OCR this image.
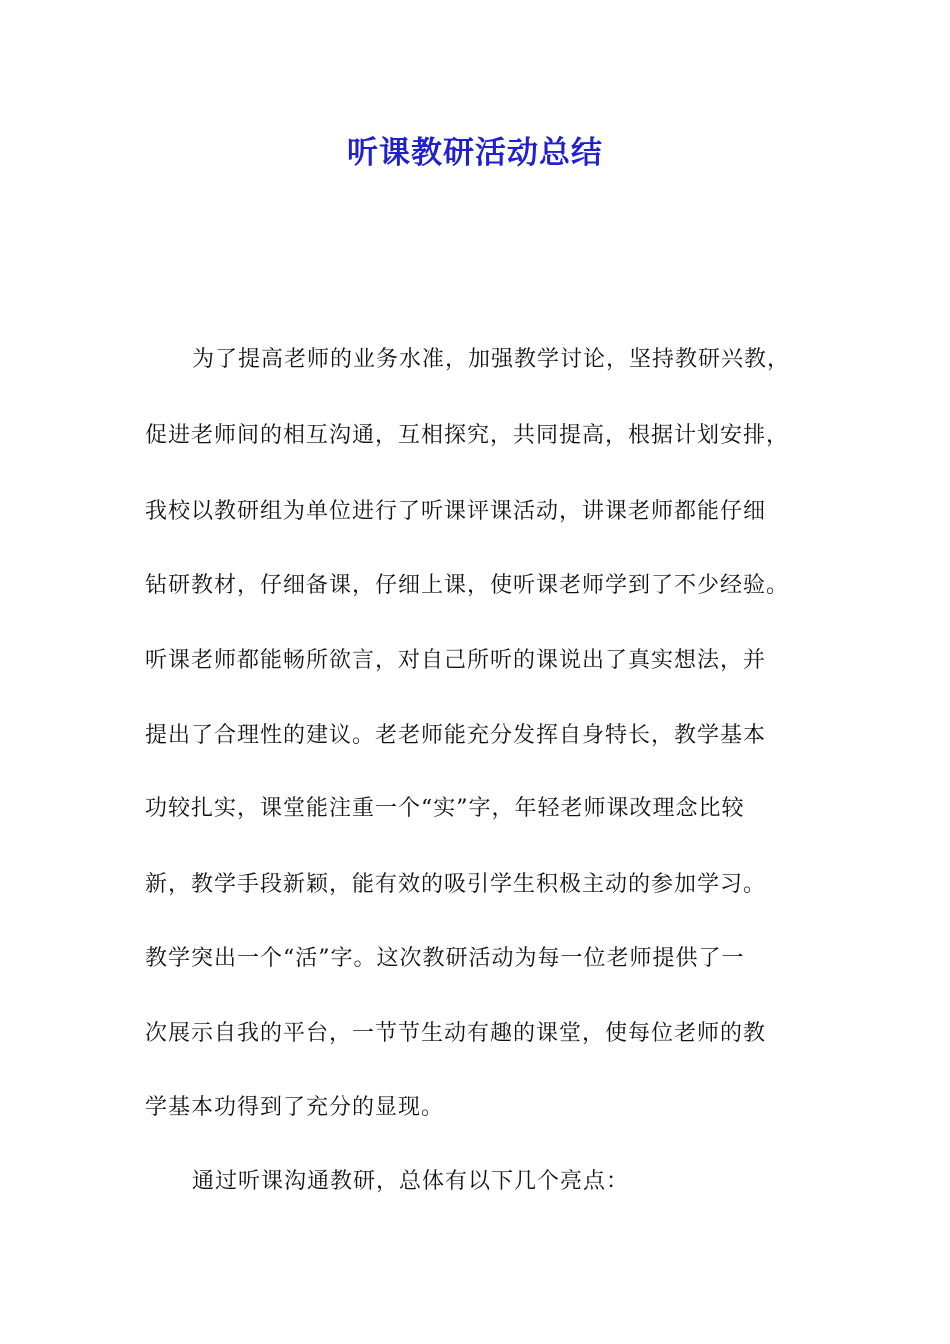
听课教研活动总结
为了提高老师的业务水准，加强教学讨论，坚持教研兴教，
促进老师间的相互沟通，互相探究，共同提高，根据计划安排，
我校以教研组为单位进行了听课评课活动，讲课老师都能仔细
钻研教材，仔细备课，仔细上课，使听课老师学到了不少经验。
听课老师都能畅所欲言，对自己所听的课说出了真实想法，并
提出了合理性的建议。老老师能充分发挥自身特长，教学基本
功较扎实，课堂能注重一个“实”字，年轻老师课改理念比较
新，教学手段新颖，能有效的吸引学生积极主动的参加学习。
教学突出一个“活”字。这次教研活动为每一位老师提供了一
次展示自我的平台，一节节生动有趣的课堂，使每位老师的教
学基本功得到了充分的显现。
通过听课沟通教研，总体有以下几个亮点：
